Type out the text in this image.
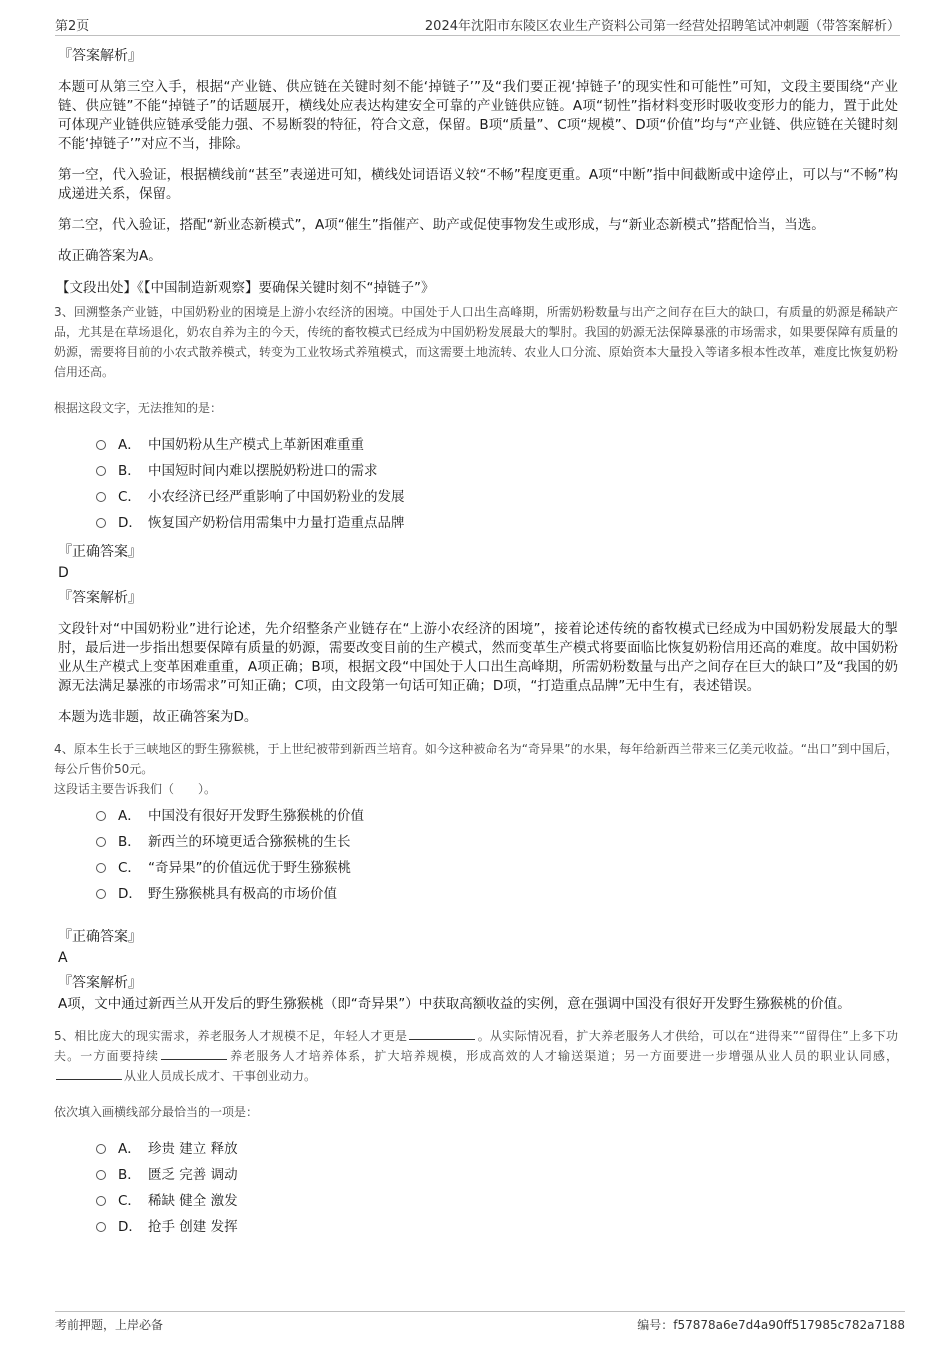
第2页	2024年沈阳市东陵区农业生产资料公司第一经营处招聘笔试冲刺题（带答案解析）
『答案解析』

本题可从第三空入手，根据“产业链、供应链在关键时刻不能‘掉链子’”及“我们要正视‘掉链子’的现实性和可能性”可知，文段主要围绕“产业链、供应链”不能“掉链子”的话题展开，横线处应表达构建安全可靠的产业链供应链。A项“韧性”指材料变形时吸收变形力的能力，置于此处可体现产业链供应链承受能力强、不易断裂的特征，符合文意，保留。B项“质量”、C项“规模”、D项“价值”均与“产业链、供应链在关键时刻不能‘掉链子’”对应不当，排除。

第一空，代入验证，根据横线前“甚至”表递进可知，横线处词语语义较“不畅”程度更重。A项“中断”指中间截断或中途停止，可以与“不畅”构成递进关系，保留。

第二空，代入验证，搭配“新业态新模式”，A项“催生”指催产、助产或促使事物发生或形成，与“新业态新模式”搭配恰当，当选。

故正确答案为A。

【文段出处】《【中国制造新观察】要确保关键时刻不“掉链子”》

3、回溯整条产业链，中国奶粉业的困境是上游小农经济的困境。中国处于人口出生高峰期，所需奶粉数量与出产之间存在巨大的缺口，有质量的奶源是稀缺产品，尤其是在草场退化，奶农自养为主的今天，传统的畜牧模式已经成为中国奶粉发展最大的掣肘。我国的奶源无法保障暴涨的市场需求，如果要保障有质量的奶源，需要将目前的小农式散养模式，转变为工业牧场式养殖模式，而这需要土地流转、农业人口分流、原始资本大量投入等诸多根本性改革，难度比恢复奶粉信用还高。

根据这段文字，无法推知的是：
A． 中国奶粉从生产模式上革新困难重重
B． 中国短时间内难以摆脱奶粉进口的需求
C． 小农经济已经严重影响了中国奶粉业的发展
D． 恢复国产奶粉信用需集中力量打造重点品牌
『正确答案』
D
『答案解析』

文段针对“中国奶粉业”进行论述，先介绍整条产业链存在“上游小农经济的困境”，接着论述传统的畜牧模式已经成为中国奶粉发展最大的掣肘，最后进一步指出想要保障有质量的奶源，需要改变目前的生产模式，然而变革生产模式将要面临比恢复奶粉信用还高的难度。故中国奶粉业从生产模式上变革困难重重，A项正确；B项，根据文段“中国处于人口出生高峰期，所需奶粉数量与出产之间存在巨大的缺口”及“我国的奶源无法满足暴涨的市场需求”可知正确；C项，由文段第一句话可知正确；D项，“打造重点品牌”无中生有，表述错误。

本题为选非题，故正确答案为D。

4、原本生长于三峡地区的野生猕猴桃，于上世纪被带到新西兰培育。如今这种被命名为“奇异果”的水果，每年给新西兰带来三亿美元收益。“出口”到中国后，每公斤售价50元。

这段话主要告诉我们（　　）。
A． 中国没有很好开发野生猕猴桃的价值
B． 新西兰的环境更适合猕猴桃的生长
C． “奇异果”的价值远优于野生猕猴桃
D． 野生猕猴桃具有极高的市场价值
『正确答案』
A
『答案解析』

A项，文中通过新西兰从开发后的野生猕猴桃（即“奇异果”）中获取高额收益的实例，意在强调中国没有很好开发野生猕猴桃的价值。

5、相比庞大的现实需求，养老服务人才规模不足，年轻人才更是	。从实际情况看，扩大养老服务人才供给，可以在“进得来”“留得住”上多下功夫。一方面要持续	养老服务人才培养体系，扩大培养规模，形成高效的人才输送渠道；另一方面要进一步增强从业人员的职业认同感，从业人员成长成才、干事创业动力。

依次填入画横线部分最恰当的一项是：
A． 珍贵 建立 释放
B． 匮乏 完善 调动
C． 稀缺 健全 激发
D． 抢手 创建 发挥
考前押题，上岸必备	编号：f57878a6e7d4a90ff517985c782a7188
